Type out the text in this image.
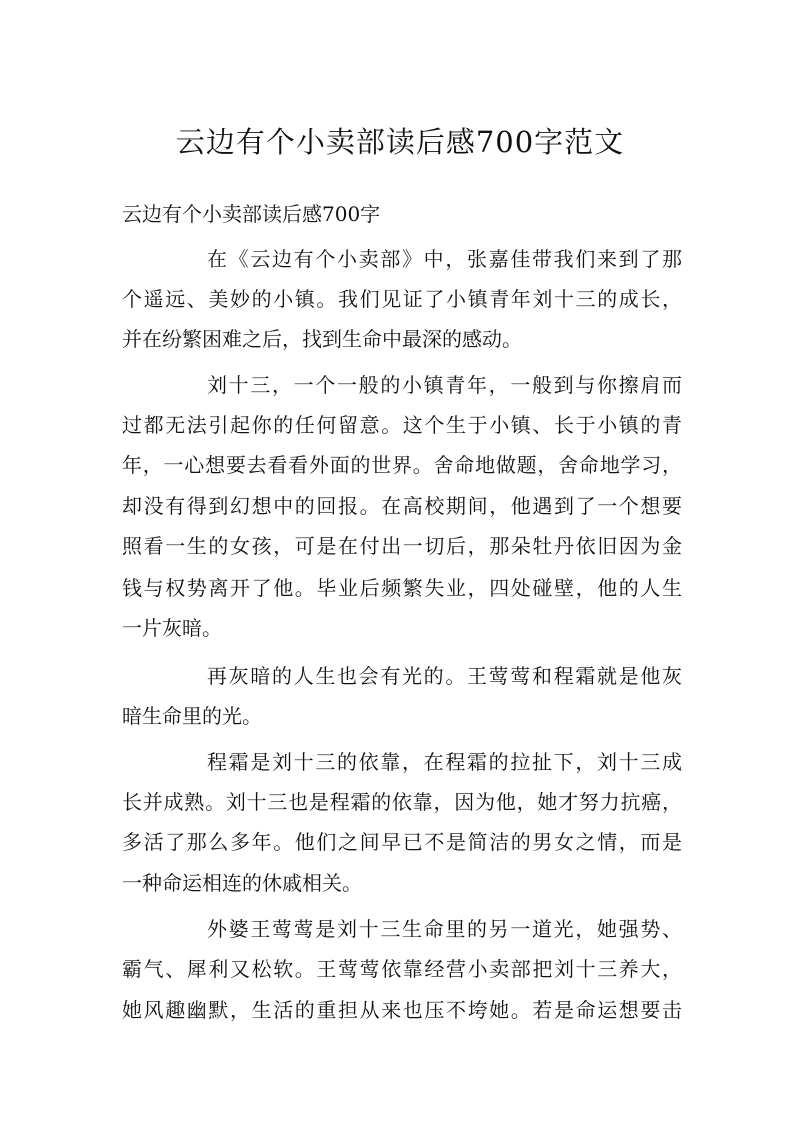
云边有个小卖部读后感700字范文
云边有个小卖部读后感700字
在《云边有个小卖部》中，张嘉佳带我们来到了那
个遥远、美妙的小镇。我们见证了小镇青年刘十三的成长，
并在纷繁困难之后，找到生命中最深的感动。
刘十三，一个一般的小镇青年，一般到与你擦肩而
过都无法引起你的任何留意。这个生于小镇、长于小镇的青
年，一心想要去看看外面的世界。舍命地做题，舍命地学习，
却没有得到幻想中的回报。在高校期间，他遇到了一个想要
照看一生的女孩，可是在付出一切后，那朵牡丹依旧因为金
钱与权势离开了他。毕业后频繁失业，四处碰壁，他的人生
一片灰暗。
再灰暗的人生也会有光的。王莺莺和程霜就是他灰
暗生命里的光。
程霜是刘十三的依靠，在程霜的拉扯下，刘十三成
长并成熟。刘十三也是程霜的依靠，因为他，她才努力抗癌，
多活了那么多年。他们之间早已不是简洁的男女之情，而是
一种命运相连的休戚相关。
外婆王莺莺是刘十三生命里的另一道光，她强势、
霸气、犀利又松软。王莺莺依靠经营小卖部把刘十三养大，
她风趣幽默，生活的重担从来也压不垮她。若是命运想要击
